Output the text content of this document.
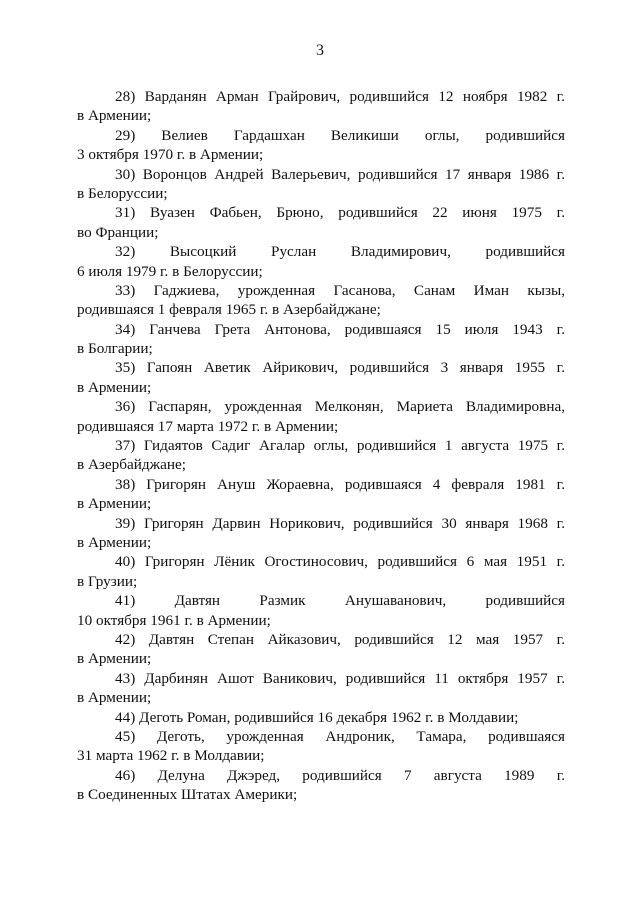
3

28) Варданян Арман Грайрович, родившийся 12 ноября 1982 г.
в Армении;

29) Велиев Гардашхан Великиши оглы, родившийся
3 октября 1970 г. в Армении;

30) Воронцов Андрей Валерьевич, родившийся 17 января 1986 г.
в Белоруссии;

31) Вуазен Фабьен, Брюно, родившийся 22 июня 1975 г.
во Франции;

32) Высоцкий Руслан Владимирович, родившийся
6 июля 1979 г. в Белоруссии;

33) Гаджиева, урожденная Гасанова, Санам Иман кызы,
родившаяся 1 февраля 1965 г. в Азербайджане;

34) Ганчева Грета Антонова, родившаяся 15 июля 1943 г.
в Болгарии;

35) Гапоян Аветик Айрикович, родившийся 3 января 1955 г.
в Армении;

36) Гаспарян, урожденная Мелконян, Мариета Владимировна,
родившаяся 17 марта 1972 г. в Армении;

37) Гидаятов Садиг Агалар оглы, родившийся 1 августа 1975 г.
в Азербайджане;

38) Григорян Ануш Жораевна, родившаяся 4 февраля 1981 г.
в Армении;

39) Григорян Дарвин Норикович, родившийся 30 января 1968 г.
в Армении;

40) Григорян Лёник Огостиносович, родившийся 6 мая 1951 г.
в Грузии;

41) Давтян Размик Анушаванович, родившийся
10 октября 1961 г. в Армении;

42) Давтян Степан Айказович, родившийся 12 мая 1957 г.
в Армении;

43) Дарбинян Ашот Ваникович, родившийся 11 октября 1957 г.
в Армении;

44) Деготь Роман, родившийся 16 декабря 1962 г. в Молдавии;

45) Деготь, урожденная Андроник, Тамара, родившаяся
31 марта 1962 г. в Молдавии;

46) Делуна Джэред, родившийся 7 августа 1989 г.
в Соединенных Штатах Америки;
